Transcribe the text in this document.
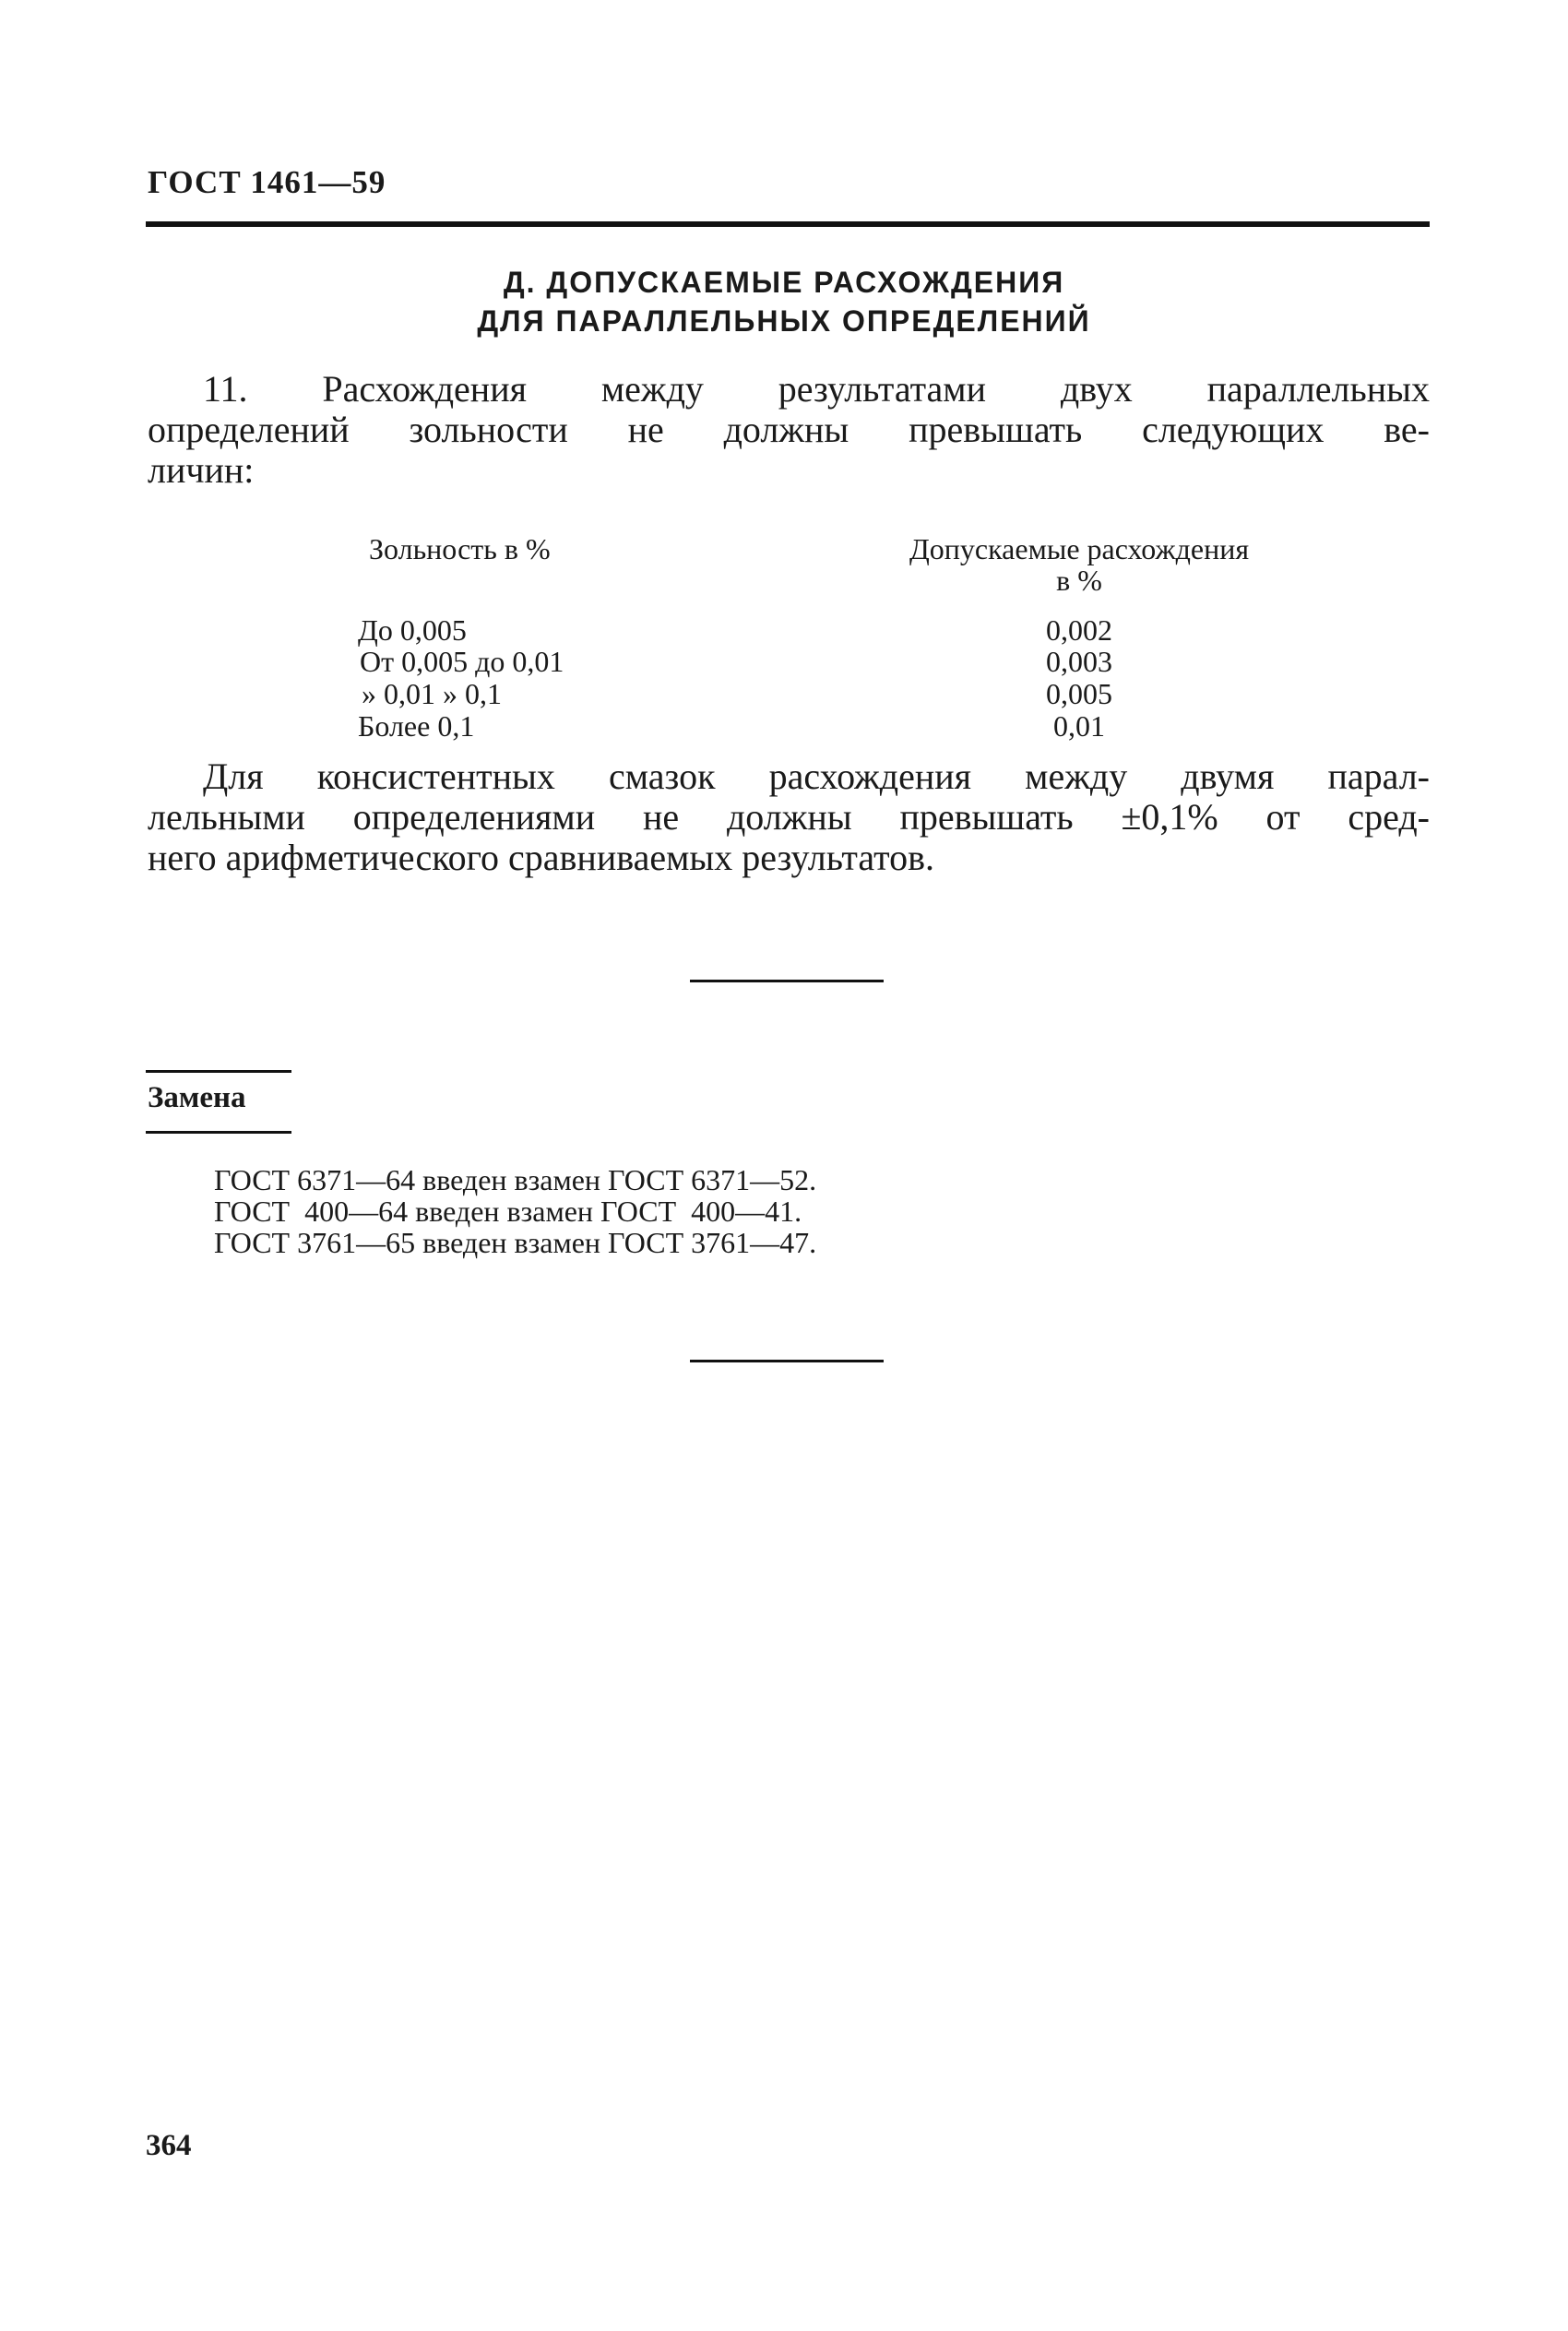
ГОСТ 1461—59
Д. ДОПУСКАЕМЫЕ РАСХОЖДЕНИЯ
ДЛЯ ПАРАЛЛЕЛЬНЫХ ОПРЕДЕЛЕНИЙ
11. Расхождения между результатами двух параллельных
определений зольности не должны превышать следующих ве-
личин:
Зольность в %	Допускаемые расхождения
в %
До 0,005	0,002
От 0,005 до 0,01	0,003
» 0,01 » 0,1	0,005
Более 0,1	0,01
Для консистентных смазок расхождения между двумя парал-
лельными определениями не должны превышать ±0,1% от сред-
него арифметического сравниваемых результатов.
Замена
ГОСТ 6371—64 введен взамен ГОСТ 6371—52.
ГОСТ  400—64 введен взамен ГОСТ  400—41.
ГОСТ 3761—65 введен взамен ГОСТ 3761—47.
364
